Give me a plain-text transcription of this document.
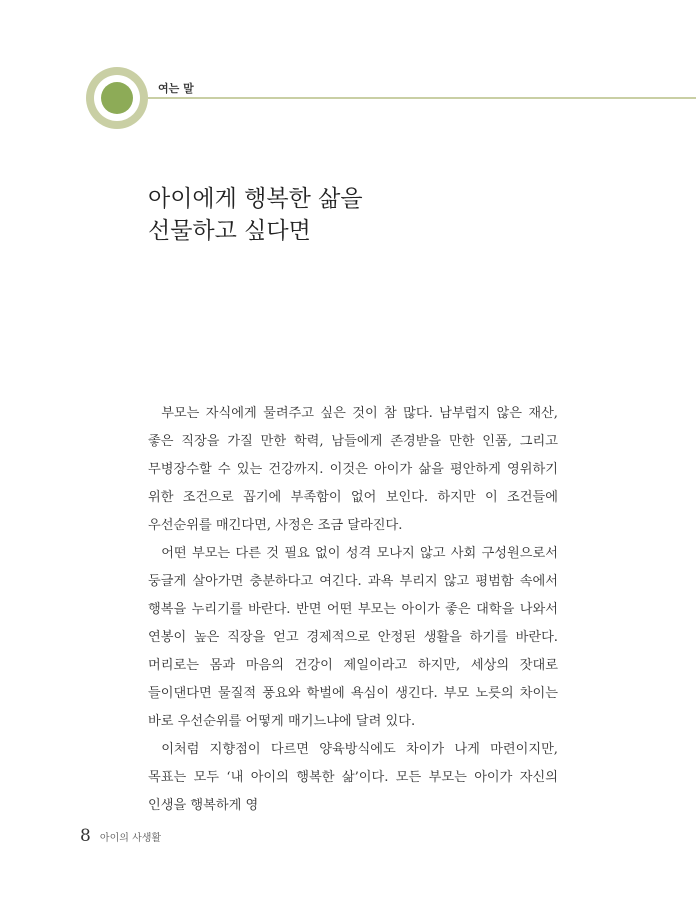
여는 말
아이에게 행복한 삶을
선물하고 싶다면

부모는 자식에게 물려주고 싶은 것이 참 많다. 남부럽지 않은 재산, 좋은 직장을 가질 만한 학력, 남들에게 존경받을 만한 인품, 그리고 무병장수할 수 있는 건강까지. 이것은 아이가 삶을 평안하게 영위하기 위한 조건으로 꼽기에 부족함이 없어 보인다. 하지만 이 조건들에 우선순위를 매긴다면, 사정은 조금 달라진다.

어떤 부모는 다른 것 필요 없이 성격 모나지 않고 사회 구성원으로서 둥글게 살아가면 충분하다고 여긴다. 과욕 부리지 않고 평범함 속에서 행복을 누리기를 바란다. 반면 어떤 부모는 아이가 좋은 대학을 나와서 연봉이 높은 직장을 얻고 경제적으로 안정된 생활을 하기를 바란다. 머리로는 몸과 마음의 건강이 제일이라고 하지만, 세상의 잣대로 들이댄다면 물질적 풍요와 학벌에 욕심이 생긴다. 부모 노릇의 차이는 바로 우선순위를 어떻게 매기느냐에 달려 있다.

이처럼 지향점이 다르면 양육방식에도 차이가 나게 마련이지만, 목표는 모두 ‘내 아이의 행복한 삶’이다. 모든 부모는 아이가 자신의 인생을 행복하게 영

8 아이의 사생활
